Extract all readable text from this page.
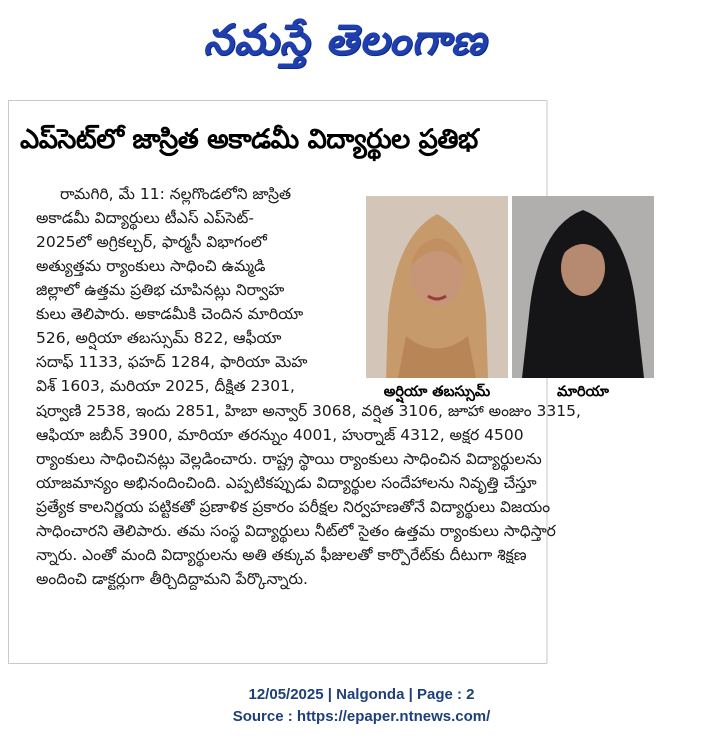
నమస్తే తెలంగాణ
ఎప్‌సెట్‌లో జాస్రిత అకాడమీ విద్యార్థుల ప్రతిభ
రామగిరి, మే 11: నల్లగొండలోని జాస్రిత
అకాడమీ విద్యార్థులు టీఎస్ ఎప్‌సెట్-
2025లో అగ్రికల్చర్, ఫార్మసీ విభాగంలో
అత్యుత్తమ ర్యాంకులు సాధించి ఉమ్మడి
జిల్లాలో ఉత్తమ ప్రతిభ చూపినట్లు నిర్వాహ
కులు తెలిపారు. అకాడమీకి చెందిన మారియా
526, అర్షియా తబస్సుమ్ 822, ఆఫీయా
సదాఫ్ 1133, ఫహద్ 1284, ఫారియా మెహ
విశ్ 1603, మరియా 2025, దీక్షిత 2301,
షర్వాణి 2538, ఇందు 2851, హిబా అన్వార్ 3068, వర్షిత 3106, జూహా అంజుం 3315,
ఆఫియా జబీన్ 3900, మారియా తరన్నుం 4001, హుర్నాజ్ 4312, అక్షర 4500
ర్యాంకులు సాధించినట్లు వెల్లడించారు. రాష్ట్ర స్థాయి ర్యాంకులు సాధించిన విద్యార్థులను
యాజమాన్యం అభినందించింది. ఎప్పటికప్పుడు విద్యార్థుల సందేహాలను నివృత్తి చేస్తూ
ప్రత్యేక కాలనిర్ణయ పట్టికతో ప్రణాళిక ప్రకారం పరీక్షల నిర్వహణతోనే విద్యార్థులు విజయం
సాధించారని తెలిపారు. తమ సంస్థ విద్యార్థులు నీట్‌లో సైతం ఉత్తమ ర్యాంకులు సాధిస్తార
న్నారు. ఎంతో మంది విద్యార్థులను అతి తక్కువ ఫీజులతో కార్పొరేట్‌కు దీటుగా శిక్షణ
అందించి డాక్టర్లుగా తీర్చిదిద్దామని పేర్కొన్నారు.
అర్షియా తబస్సుమ్	మారియా
12/05/2025 | Nalgonda | Page : 2
Source : https://epaper.ntnews.com/
